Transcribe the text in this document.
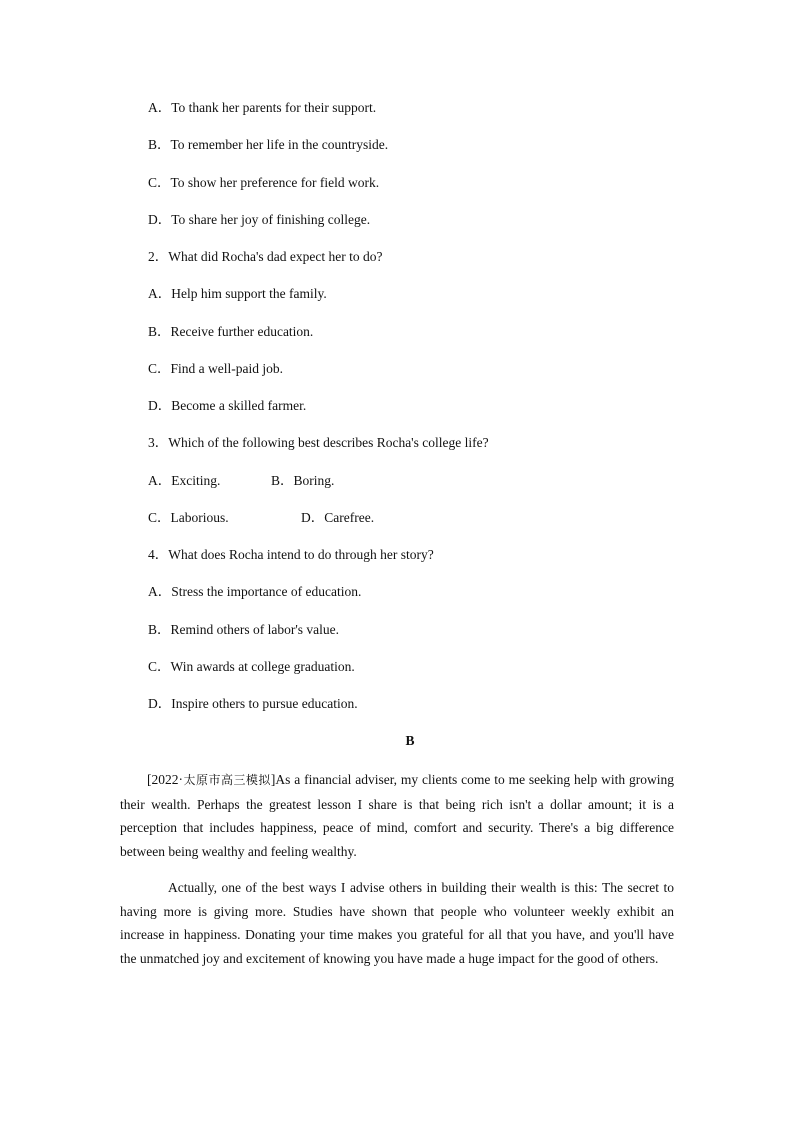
A．To thank her parents for their support.
B．To remember her life in the countryside.
C．To show her preference for field work.
D．To share her joy of finishing college.
2．What did Rocha's dad expect her to do?
A．Help him support the family.
B．Receive further education.
C．Find a well-paid job.
D．Become a skilled farmer.
3．Which of the following best describes Rocha's college life?
A．Exciting.	B．Boring.
C．Laborious.	D．Carefree.
4．What does Rocha intend to do through her story?
A．Stress the importance of education.
B．Remind others of labor's value.
C．Win awards at college graduation.
D．Inspire others to pursue education.
B
[2022·太原市高三模拟]As a financial adviser, my clients come to me seeking help with growing their wealth. Perhaps the greatest lesson I share is that being rich isn't a dollar amount; it is a perception that includes happiness, peace of mind, comfort and security. There's a big difference between being wealthy and feeling wealthy.
Actually, one of the best ways I advise others in building their wealth is this: The secret to having more is giving more. Studies have shown that people who volunteer weekly exhibit an increase in happiness. Donating your time makes you grateful for all that you have, and you'll have the unmatched joy and excitement of knowing you have made a huge impact for the good of others.
